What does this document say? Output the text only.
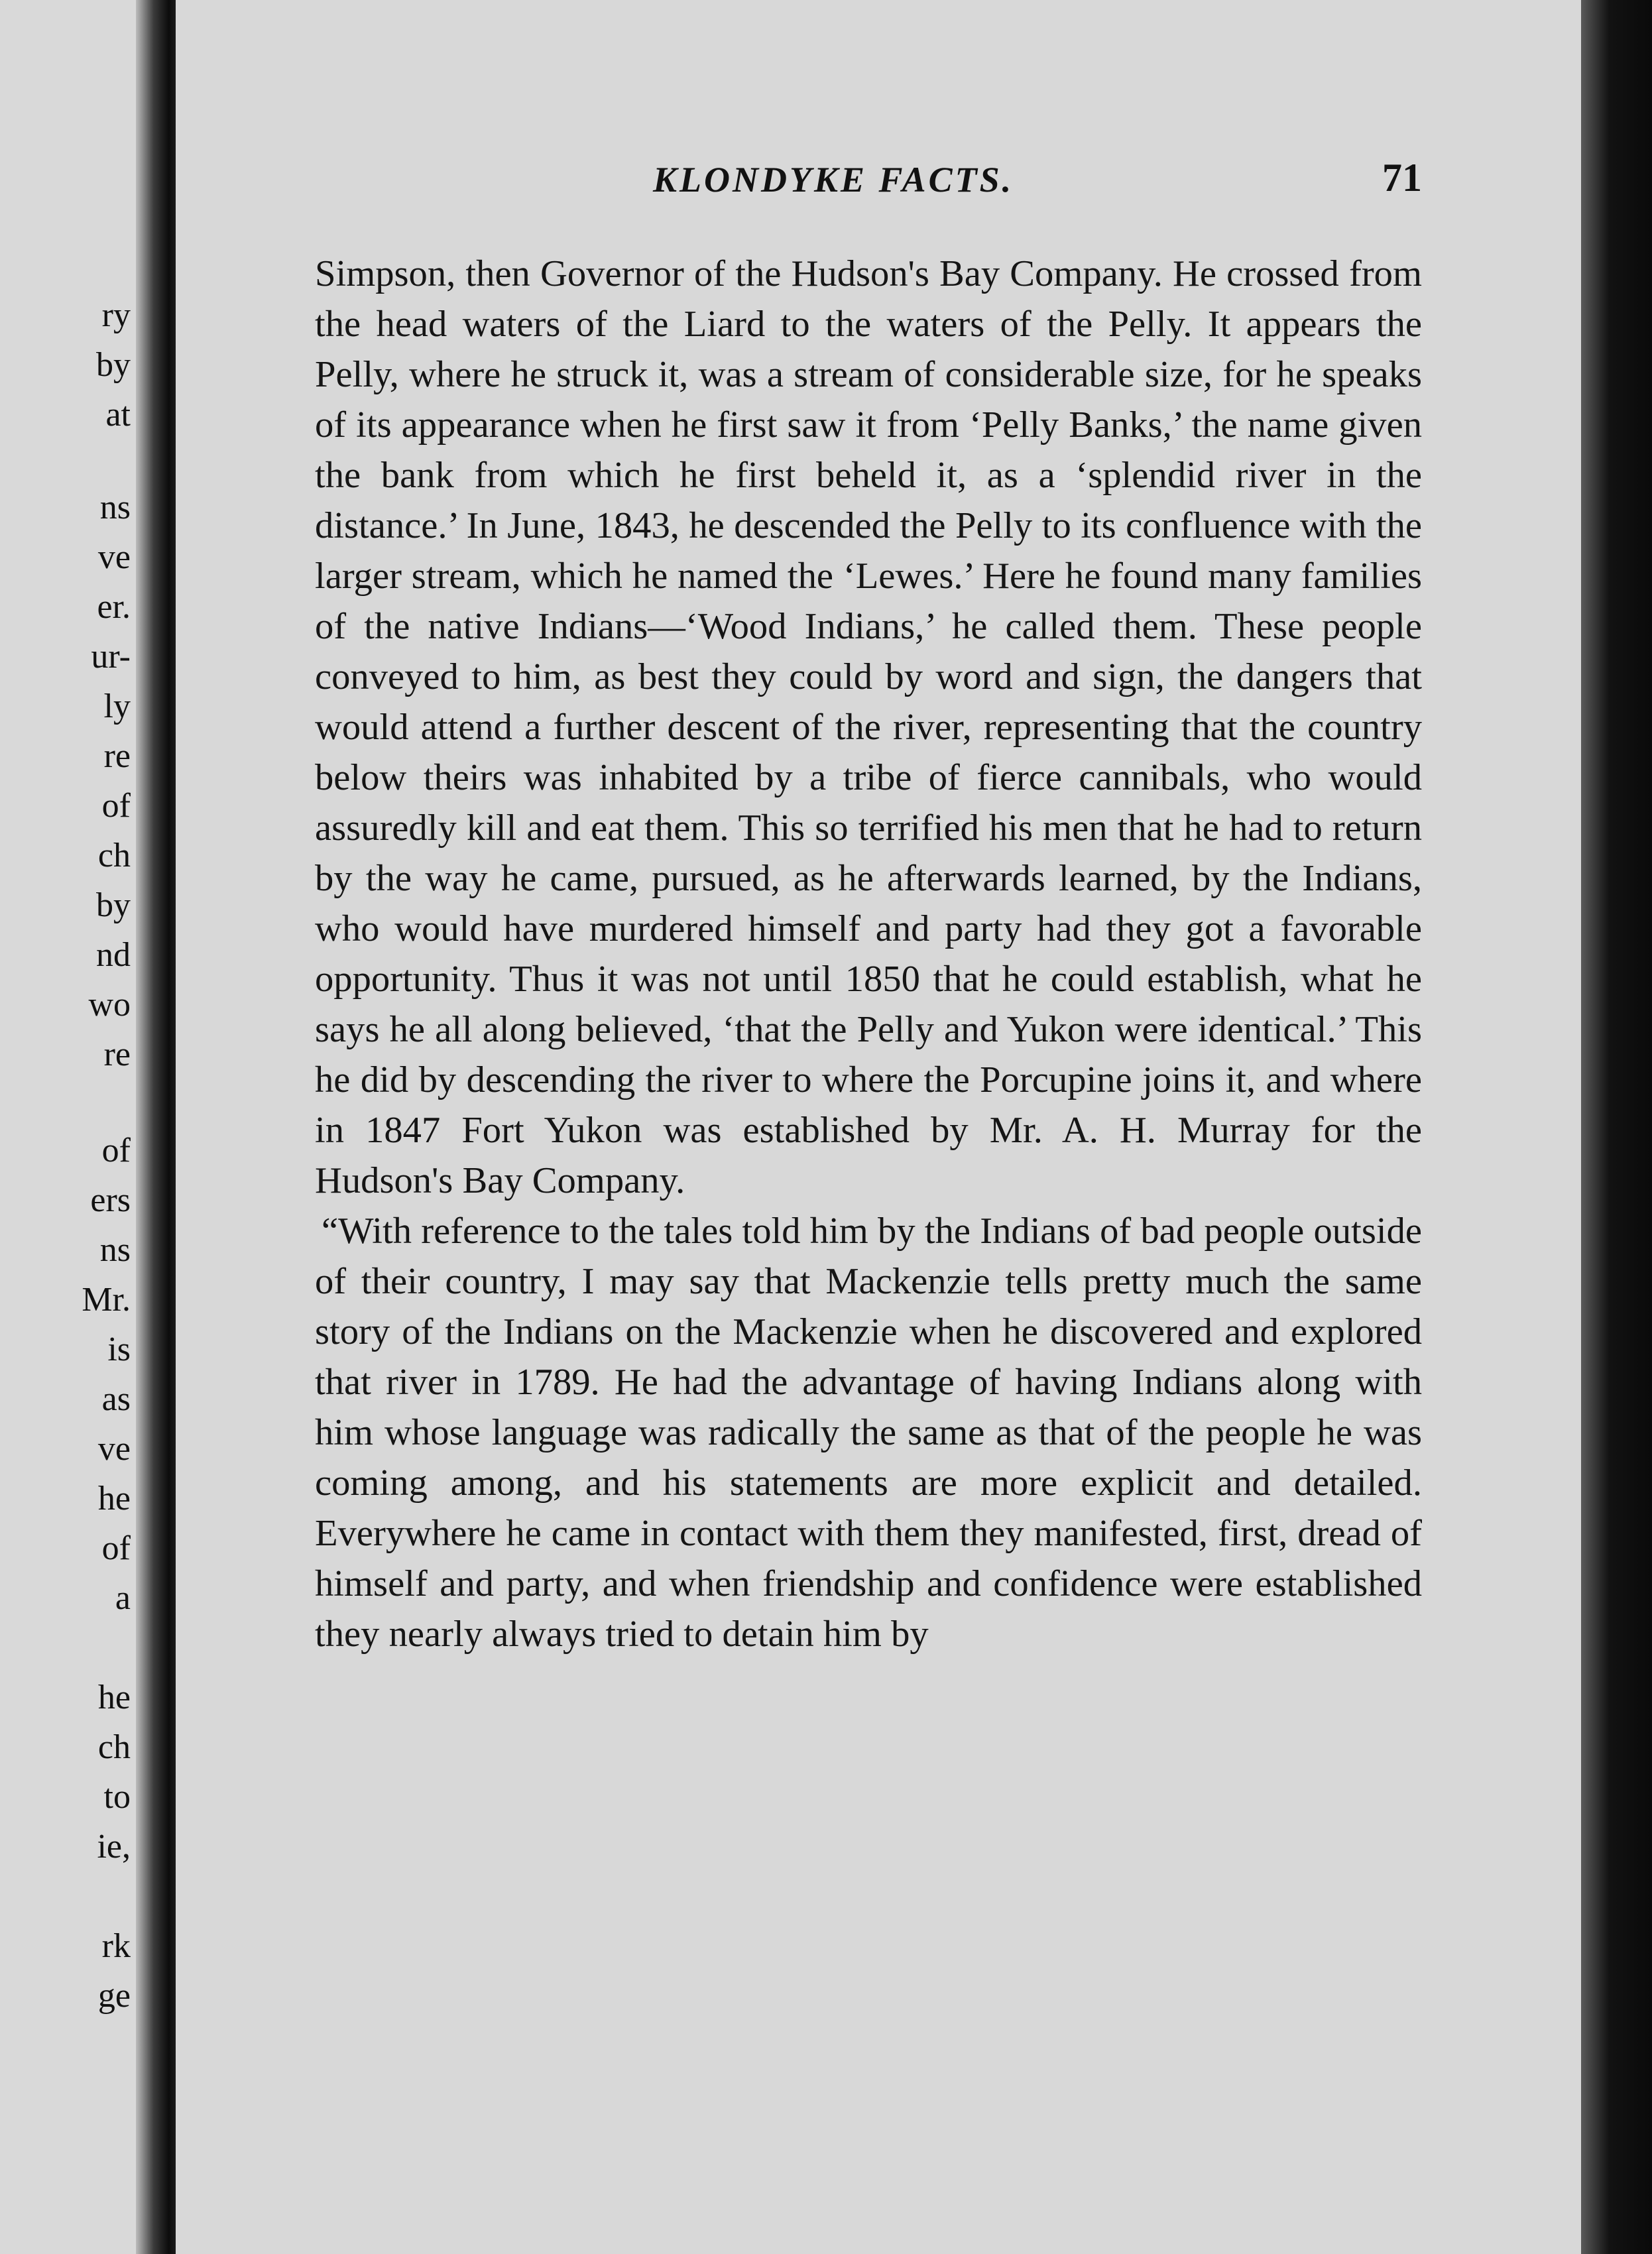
ry
by
at
ns
ve
er.
ur-
ly
re
of
ch
by
nd
wo
re
of
ers
ns
Mr.
is
as
ve
he
of
a
he
ch
to
ie,
rk
ge
KLONDYKE FACTS.	71

Simpson, then Governor of the Hudson's Bay Company. He crossed from the head waters of the Liard to the waters of the Pelly. It appears the Pelly, where he struck it, was a stream of considerable size, for he speaks of its appearance when he first saw it from ‘Pelly Banks,’ the name given the bank from which he first beheld it, as a ‘splendid river in the distance.’ In June, 1843, he descended the Pelly to its confluence with the larger stream, which he named the ‘Lewes.’ Here he found many families of the native Indians—‘Wood Indians,’ he called them. These people conveyed to him, as best they could by word and sign, the dangers that would attend a further descent of the river, representing that the country below theirs was inhabited by a tribe of fierce cannibals, who would assuredly kill and eat them. This so terrified his men that he had to return by the way he came, pursued, as he afterwards learned, by the Indians, who would have murdered himself and party had they got a favorable opportunity. Thus it was not until 1850 that he could establish, what he says he all along believed, ‘that the Pelly and Yukon were identical.’ This he did by descending the river to where the Porcupine joins it, and where in 1847 Fort Yukon was established by Mr. A. H. Murray for the Hudson's Bay Company.

“With reference to the tales told him by the Indians of bad people outside of their country, I may say that Mackenzie tells pretty much the same story of the Indians on the Mackenzie when he discovered and explored that river in 1789. He had the advantage of having Indians along with him whose language was radically the same as that of the people he was coming among, and his statements are more explicit and detailed. Everywhere he came in contact with them they manifested, first, dread of himself and party, and when friendship and confidence were established they nearly always tried to detain him by
